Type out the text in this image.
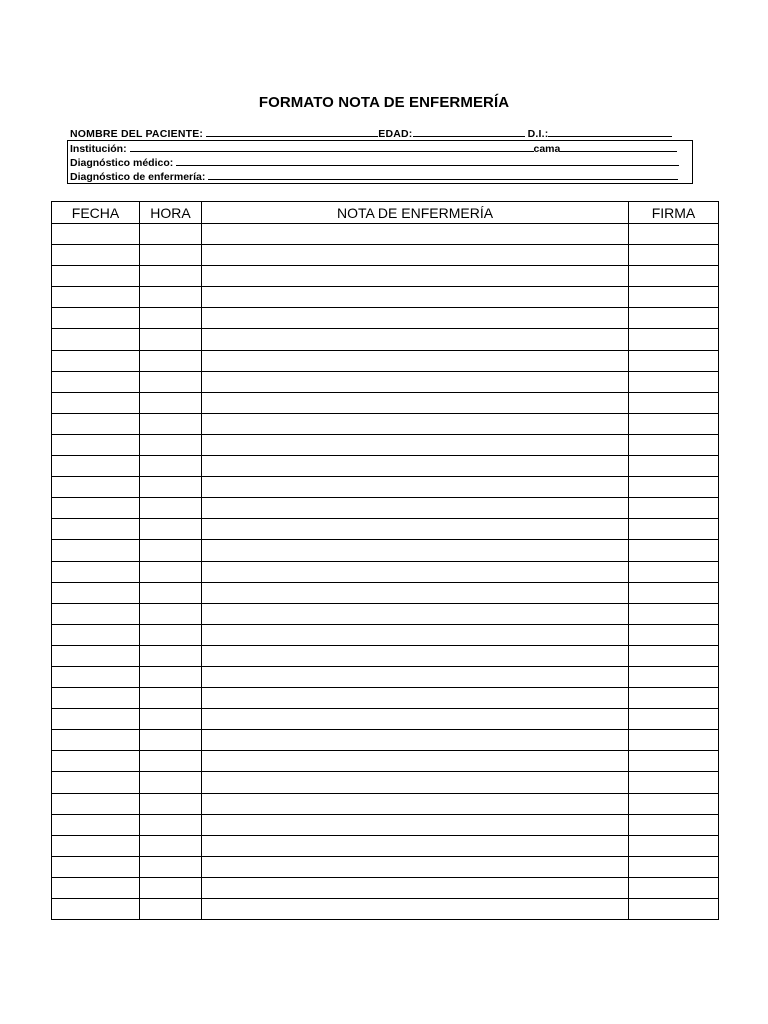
FORMATO NOTA DE ENFERMERÍA
NOMBRE DEL PACIENTE:	EDAD:	D.I.:
Institución:	cama
Diagnóstico médico:
Diagnóstico de enfermería:
FECHA	HORA	NOTA DE ENFERMERÍA	FIRMA
